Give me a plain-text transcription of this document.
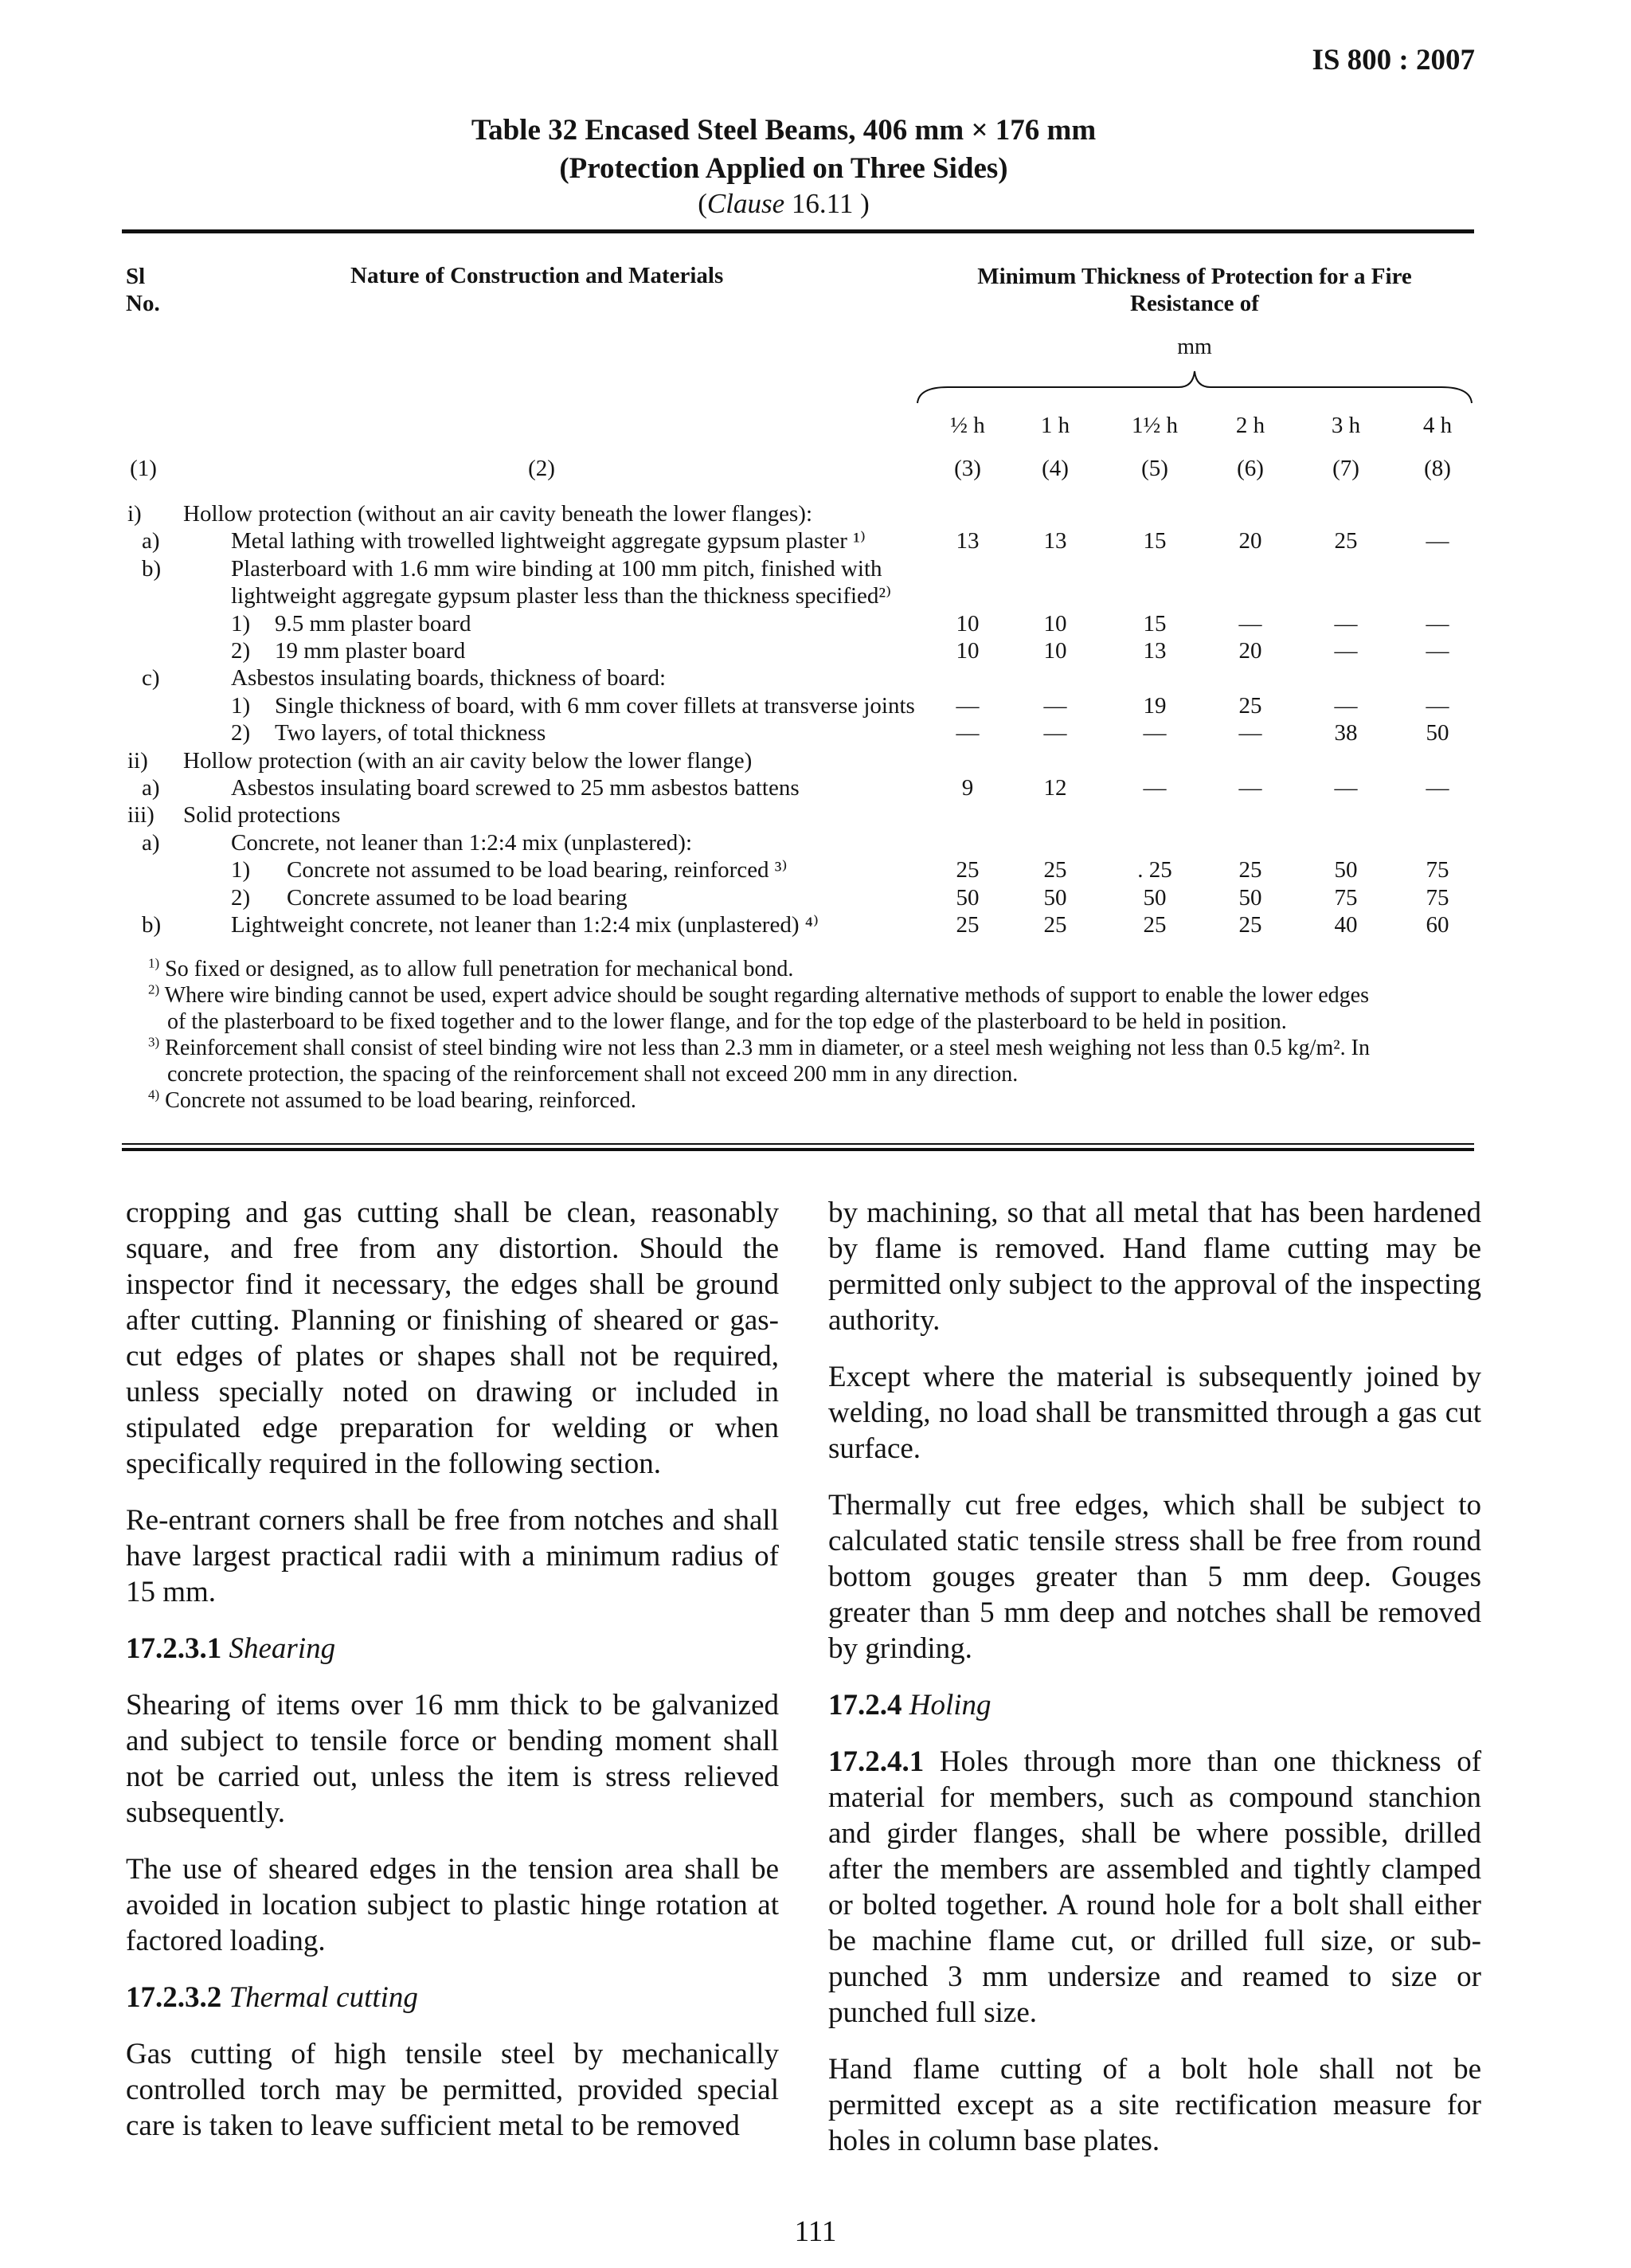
IS 800 : 2007
Table 32 Encased Steel Beams, 406 mm × 176 mm
(Protection Applied on Three Sides)
(Clause 16.11 )
Sl
No.
Nature of Construction and Materials	Minimum Thickness of Protection for a Fire
Resistance of
mm
½ h	1 h	1½ h	2 h	3 h	4 h
(1)	(2)	(3)	(4)	(5)	(6)	(7)	(8)
i) Hollow protection (without an air cavity beneath the lower flanges):
a)	Metal lathing with trowelled lightweight aggregate gypsum plaster ¹⁾	13	13	15	20	25	—
b)	Plasterboard with 1.6 mm wire binding at 100 mm pitch, finished with
lightweight aggregate gypsum plaster less than the thickness specified²⁾
1) 9.5 mm plaster board	10	10	15	—	—	—
2) 19 mm plaster board	10	10	13	20	—	—
c)	Asbestos insulating boards, thickness of board:
1) Single thickness of board, with 6 mm cover fillets at transverse joints	—	—	19	25	—	—
2) Two layers, of total thickness	—	—	—	—	38	50
ii) Hollow protection (with an air cavity below the lower flange)
a)	Asbestos insulating board screwed to 25 mm asbestos battens	9	12	—	—	—	—
iii) Solid protections
a)	Concrete, not leaner than 1:2:4 mix (unplastered):
1) Concrete not assumed to be load bearing, reinforced ³⁾	25	25	. 25	25	50	75
2) Concrete assumed to be load bearing	50	50	50	50	75	75
b)	Lightweight concrete, not leaner than 1:2:4 mix (unplastered) ⁴⁾	25	25	25	25	40	60
$^{1)}$ So fixed or designed, as to allow full penetration for mechanical bond.
$^{2)}$ Where wire binding cannot be used, expert advice should be sought regarding alternative methods of support to enable the lower edges
of the plasterboard to be fixed together and to the lower flange, and for the top edge of the plasterboard to be held in position.
$^{3)}$ Reinforcement shall consist of steel binding wire not less than 2.3 mm in diameter, or a steel mesh weighing not less than 0.5 kg/m². In
concrete protection, the spacing of the reinforcement shall not exceed 200 mm in any direction.
$^{4)}$ Concrete not assumed to be load bearing, reinforced.

cropping and gas cutting shall be clean, reasonably square, and free from any distortion. Should the inspector find it necessary, the edges shall be ground after cutting. Planning or finishing of sheared or gas-cut edges of plates or shapes shall not be required, unless specially noted on drawing or included in stipulated edge preparation for welding or when specifically required in the following section.

Re-entrant corners shall be free from notches and shall have largest practical radii with a minimum radius of 15 mm.

17.2.3.1 Shearing

Shearing of items over 16 mm thick to be galvanized and subject to tensile force or bending moment shall not be carried out, unless the item is stress relieved subsequently.

The use of sheared edges in the tension area shall be avoided in location subject to plastic hinge rotation at factored loading.

17.2.3.2 Thermal cutting

Gas cutting of high tensile steel by mechanically controlled torch may be permitted, provided special care is taken to leave sufficient metal to be removed

by machining, so that all metal that has been hardened by flame is removed. Hand flame cutting may be permitted only subject to the approval of the inspecting authority.

Except where the material is subsequently joined by welding, no load shall be transmitted through a gas cut surface.

Thermally cut free edges, which shall be subject to calculated static tensile stress shall be free from round bottom gouges greater than 5 mm deep. Gouges greater than 5 mm deep and notches shall be removed by grinding.

17.2.4 Holing

17.2.4.1 Holes through more than one thickness of material for members, such as compound stanchion and girder flanges, shall be where possible, drilled after the members are assembled and tightly clamped or bolted together. A round hole for a bolt shall either be machine flame cut, or drilled full size, or sub-punched 3 mm undersize and reamed to size or punched full size.

Hand flame cutting of a bolt hole shall not be permitted except as a site rectification measure for holes in column base plates.

111
